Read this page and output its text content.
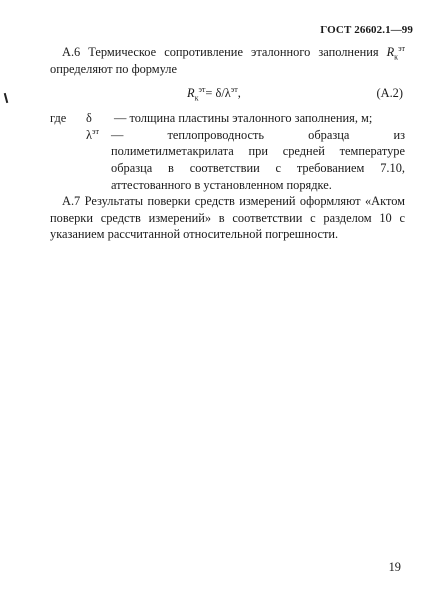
ГОСТ 26602.1—99

А.6 Термическое сопротивление эталонного заполнения $R_к^{эт}$ определяют по формуле

$R_к^{эт}= \delta/\lambda^{эт}$,	(А.2)
где	δ	— толщина пластины эталонного заполнения, м;
$\lambda^{эт}$ —	теплопроводность образца из полиметилметакрилата при средней температуре образца в соответствии с требованием 7.10, аттестованного в установленном порядке.

А.7 Результаты поверки средств измерений оформляют «Актом поверки средств измерений» в соответствии с разделом 10 с указанием рассчитанной относительной погрешности.

19
